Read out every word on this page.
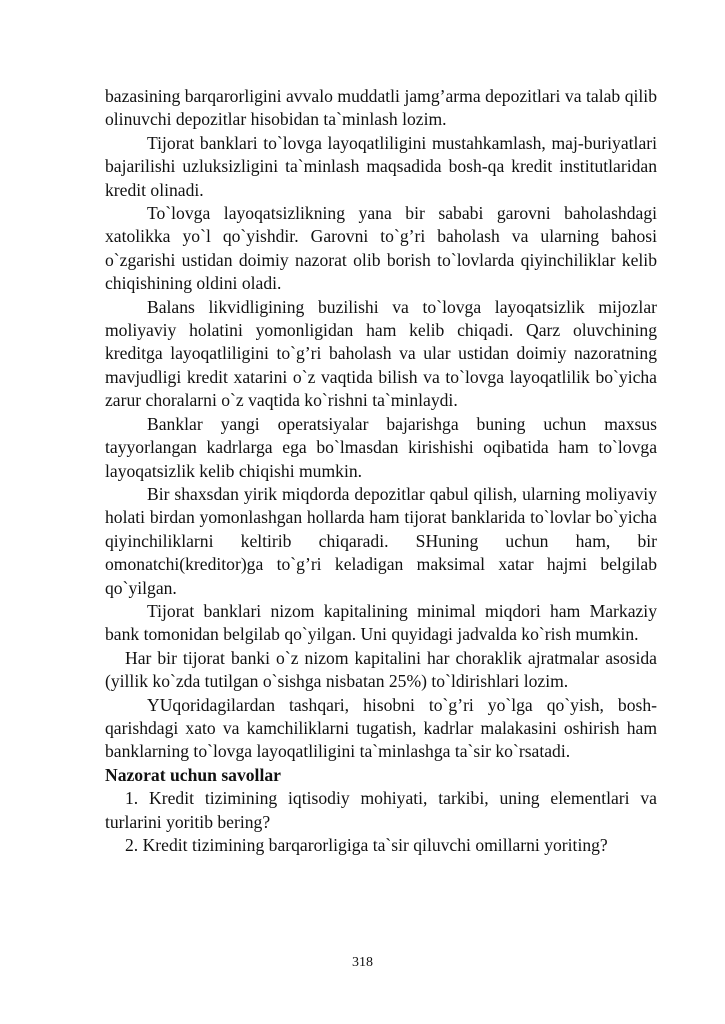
bazasining barqarorligini avvalo muddatli jamg’arma depozitlari va talab qilib olinuvchi depozitlar hisobidan ta`minlash lozim.

Tijorat banklari to`lovga layoqatliligini mustahkamlash, maj-buriyatlari bajarilishi uzluksizligini ta`minlash maqsadida bosh-qa kredit institutlaridan kredit olinadi.

To`lovga layoqatsizlikning yana bir sababi garovni baholashdagi xatolikka yo`l qo`yishdir. Garovni to`g’ri baholash va ularning bahosi o`zgarishi ustidan doimiy nazorat olib borish to`lovlarda qiyinchiliklar kelib chiqishining oldini oladi.

Balans likvidligining buzilishi va to`lovga layoqatsizlik mijozlar moliyaviy holatini yomonligidan ham kelib chiqadi. Qarz oluvchining kreditga layoqatliligini to`g’ri baholash va ular ustidan doimiy nazoratning mavjudligi kredit xatarini o`z vaqtida bilish va to`lovga layoqatlilik bo`yicha zarur choralarni o`z vaqtida ko`rishni ta`minlaydi.

Banklar yangi operatsiyalar bajarishga buning uchun maxsus tayyorlangan kadrlarga ega bo`lmasdan kirishishi oqibatida ham to`lovga layoqatsizlik kelib chiqishi mumkin.

Bir shaxsdan yirik miqdorda depozitlar qabul qilish, ularning moliyaviy holati birdan yomonlashgan hollarda ham tijorat banklarida to`lovlar bo`yicha qiyinchiliklarni keltirib chiqaradi. SHuning uchun ham, bir omonatchi(kreditor)ga to`g’ri keladigan maksimal xatar hajmi belgilab qo`yilgan.

Tijorat banklari nizom kapitalining minimal miqdori ham Markaziy bank tomonidan belgilab qo`yilgan. Uni quyidagi jadvalda ko`rish mumkin.

Har bir tijorat banki o`z nizom kapitalini har choraklik ajratmalar asosida (yillik ko`zda tutilgan o`sishga nisbatan 25%) to`ldirishlari lozim.

YUqoridagilardan tashqari, hisobni to`g’ri yo`lga qo`yish, bosh-qarishdagi xato va kamchiliklarni tugatish, kadrlar malakasini oshirish ham banklarning to`lovga layoqatliligini ta`minlashga ta`sir ko`rsatadi.

Nazorat uchun savollar

1. Kredit tizimining iqtisodiy mohiyati, tarkibi, uning elementlari va turlarini yoritib bering?

2. Kredit tizimining barqarorligiga ta`sir qiluvchi omillarni yoriting?

318
